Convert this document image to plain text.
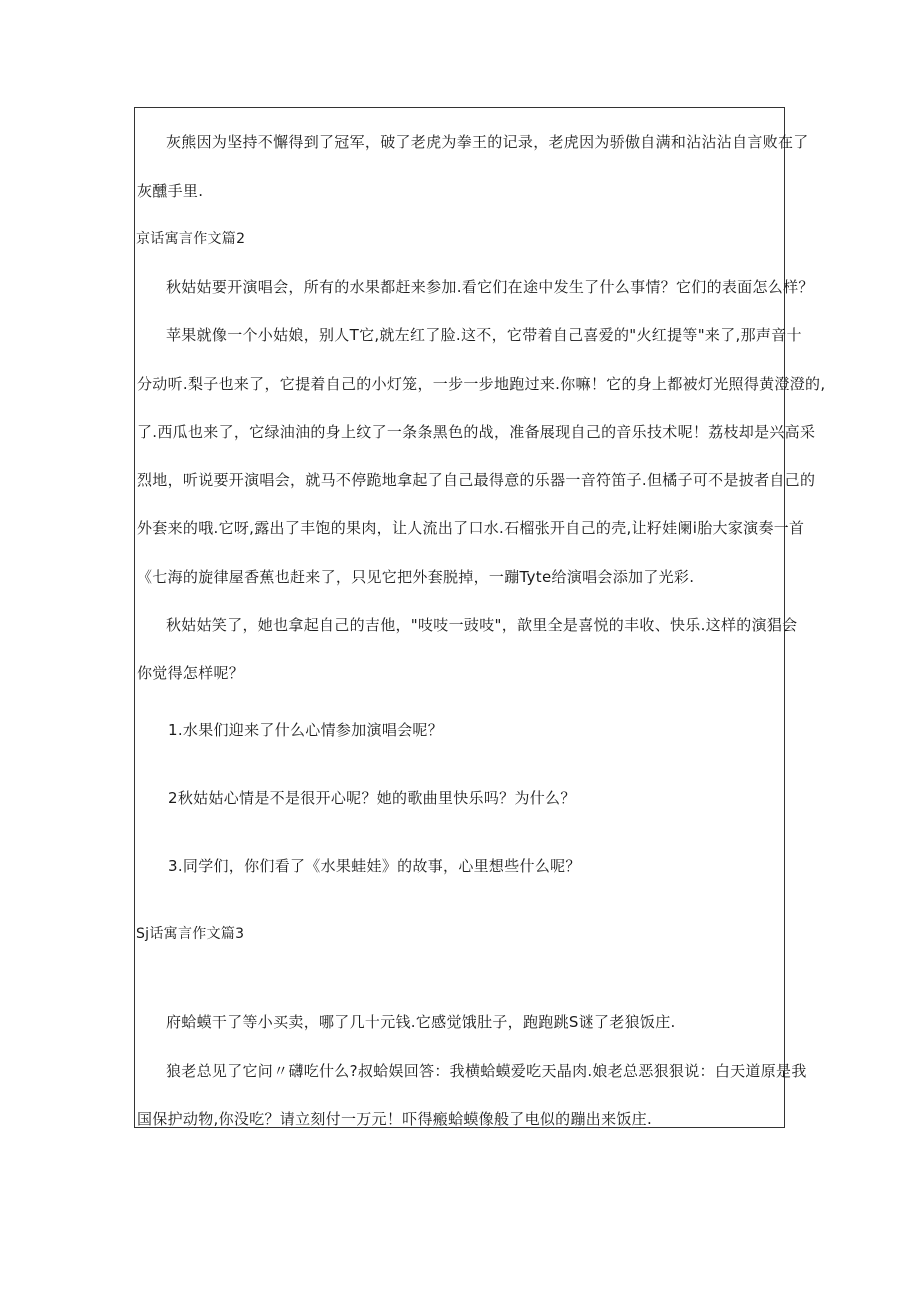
灰熊因为坚持不懈得到了冠军，破了老虎为拳王的记录，老虎因为骄傲自满和沾沾沾自言败在了
灰醺手里.
京话寓言作文篇2
秋姑姑要开演唱会，所有的水果都赶来参加.看它们在途中发生了什么事情？它们的表面怎么样？
苹果就像一个小姑娘，别人T它,就左红了脸.这不，它带着自己喜爱的"火红提等"来了,那声音十
分动听.梨子也来了，它提着自己的小灯笼，一步一步地跑过来.你嘛！它的身上都被灯光照得黄澄澄的,
了.西瓜也来了，它绿油油的身上纹了一条条黑色的战，准备展现自己的音乐技术呢！荔枝却是兴高采
烈地，听说要开演唱会，就马不停跪地拿起了自己最得意的乐器一音符笛子.但橘子可不是披者自己的
外套来的哦.它呀,露出了丰饱的果肉，让人流出了口水.石榴张开自己的壳,让籽娃阑i胎大家演奏一首
《七海的旋律屋香蕉也赶来了，只见它把外套脱掉，一蹦Tyte给演唱会添加了光彩.
秋姑姑笑了，她也拿起自己的吉他，"吱吱一豉吱"，歆里全是喜悦的丰收、快乐.这样的演猖会
你觉得怎样呢？
1.水果们迎来了什么心情参加演唱会呢？
2秋姑姑心情是不是很开心呢？她的歌曲里快乐吗？为什么？
3.同学们，你们看了《水果蛙娃》的故事，心里想些什么呢？
Sj话寓言作文篇3
府蛤蟆干了等小买卖，哪了几十元钱.它感觉饿肚子，跑跑跳S谜了老狼饭庄.
狼老总见了它问〃礴吃什么?叔蛤娱回答：我横蛤蟆爱吃天晶肉.娘老总恶狠狠说：白天道原是我
国保护动物,你没吃？请立刻付一万元！吓得瘢蛤蟆像般了电似的蹦出来饭庄.
